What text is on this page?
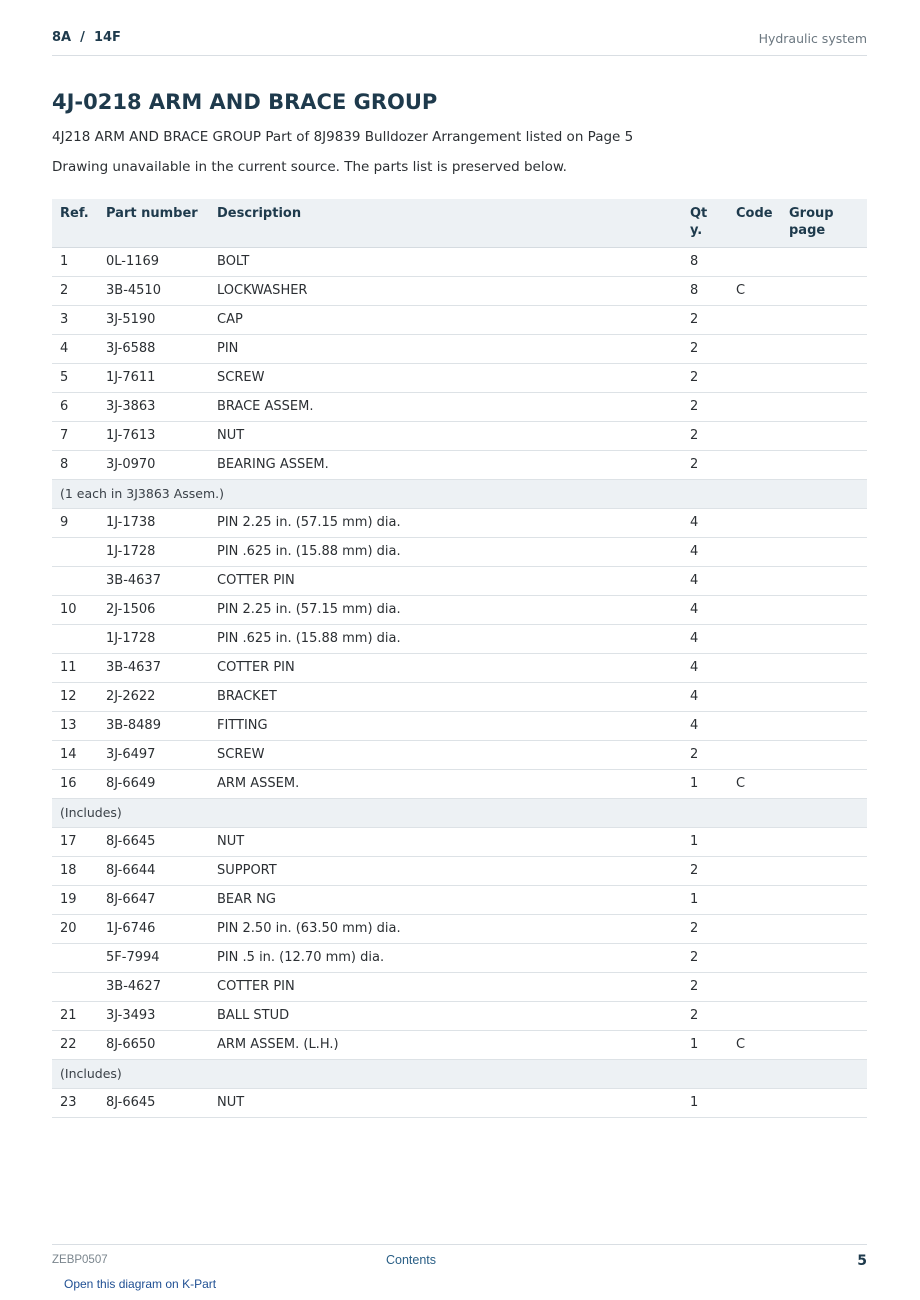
8A  /  14F	Hydraulic system
4J-0218 ARM AND BRACE GROUP

4J218 ARM AND BRACE GROUP Part of 8J9839 Bulldozer Arrangement listed on Page 5

Drawing unavailable in the current source. The parts list is preserved below.

Ref.	Part number	Description	Qty.	Code	Group page
1	0L-1169	BOLT	8		
2	3B-4510	LOCKWASHER	8	C	
3	3J-5190	CAP	2		
4	3J-6588	PIN	2		
5	1J-7611	SCREW	2		
6	3J-3863	BRACE ASSEM.	2		
7	1J-7613	NUT	2		
8	3J-0970	BEARING ASSEM.	2		
(1 each in 3J3863 Assem.)					
9	1J-1738	PIN 2.25 in. (57.15 mm) dia.	4		
	1J-1728	PIN .625 in. (15.88 mm) dia.	4		
	3B-4637	COTTER PIN	4		
10	2J-1506	PIN 2.25 in. (57.15 mm) dia.	4		
	1J-1728	PIN .625 in. (15.88 mm) dia.	4		
11	3B-4637	COTTER PIN	4		
12	2J-2622	BRACKET	4		
13	3B-8489	FITTING	4		
14	3J-6497	SCREW	2		
16	8J-6649	ARM ASSEM.	1	C	
(Includes)					
17	8J-6645	NUT	1		
18	8J-6644	SUPPORT	2		
19	8J-6647	BEAR NG	1		
20	1J-6746	PIN 2.50 in. (63.50 mm) dia.	2		
	5F-7994	PIN .5 in. (12.70 mm) dia.	2		
	3B-4627	COTTER PIN	2		
21	3J-3493	BALL STUD	2		
22	8J-6650	ARM ASSEM. (L.H.)	1	C	
(Includes)					
23	8J-6645	NUT	1		
ZEBP0507	Contents	5
Open this diagram on K-Part
